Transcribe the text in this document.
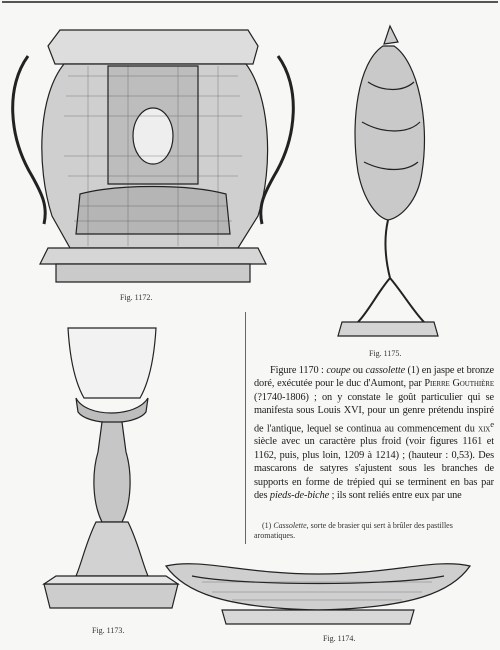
Fig. 1172.
Fig. 1175.
Fig. 1173.
Fig. 1174.

Figure 1170 : coupe ou cassolette (1) en jaspe et bronze doré, exécutée pour le duc d'Aumont, par Pierre Gouthière (?1740-1806) ; on y constate le goût particulier qui se manifesta sous Louis XVI, pour un genre prétendu inspiré de l'antique, lequel se continua au commencement du xix$^e$ siècle avec un caractère plus froid (voir figures 1161 et 1162, puis, plus loin, 1209 à 1214) ; (hauteur : 0,53). Des mascarons de satyres s'ajustent sous les branches de supports en forme de trépied qui se terminent en bas par des pieds-de-biche ; ils sont reliés entre eux par une

(1) Cassolette, sorte de brasier qui sert à brûler des pastilles aromatiques.
